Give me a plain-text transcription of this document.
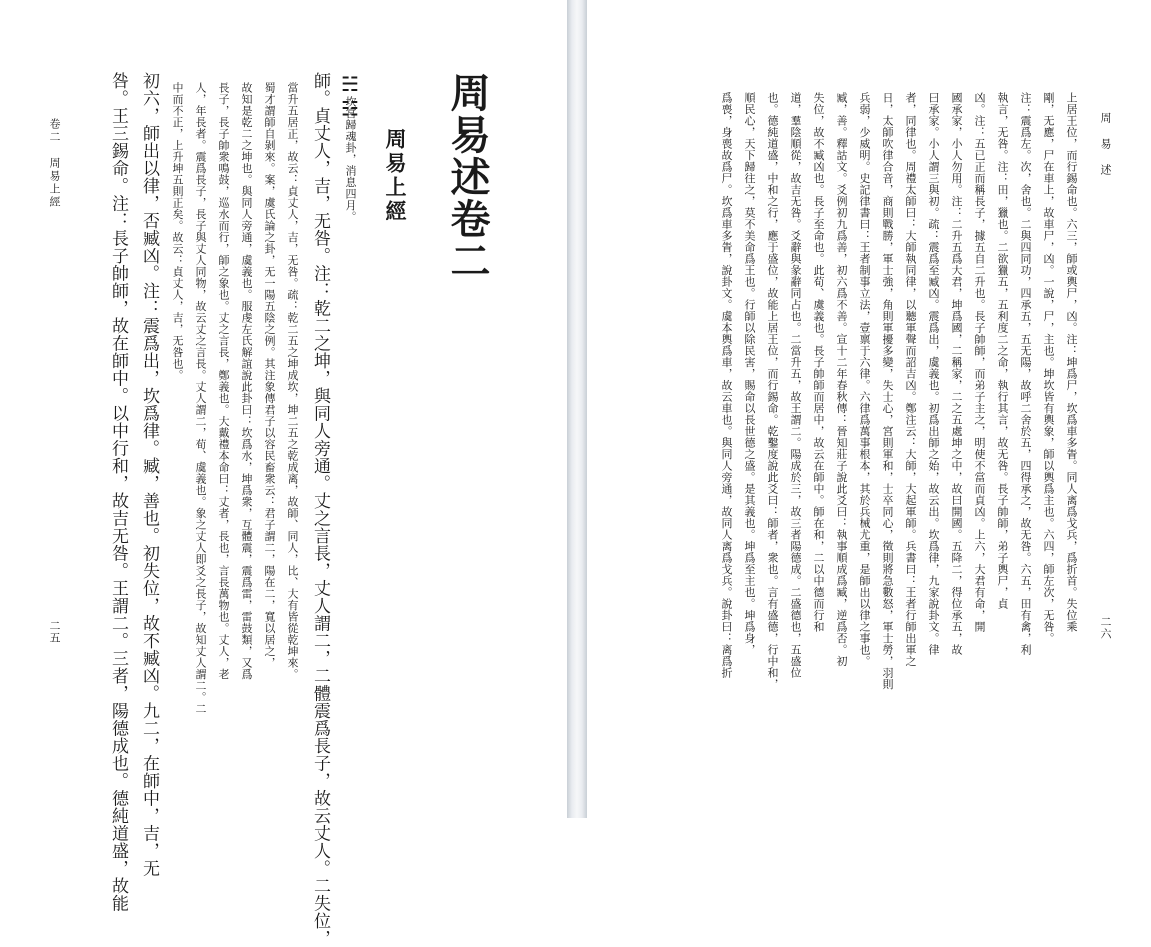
周易述卷二
周易上經
☵☷
坎宮歸魂卦，消息四月。
師。貞丈人，吉，无咎。注：乾二之坤，與同人旁通。丈之言長，丈人謂二，二體震爲長子，故云丈人。二失位，
當升五居正，故云：貞丈人，吉，无咎。疏：乾二五之坤成坎，坤二五之乾成离，故師、同人，比、大有皆從乾坤來。
蜀才謂師自剝來。案，虞氏論之卦，无一陽五陰之例。其注象傳君子以容民畜衆云：君子謂二，陽在二，寬以居之，
故知是乾二之坤也。與同人旁通，虞義也。服虔左氏解誼說此卦曰：坎爲水，坤爲衆，互體震，震爲雷，雷鼓類，又爲
長子，長子帥衆鳴鼓，巡水而行，師之象也。丈之言長，鄭義也。大戴禮本命曰：丈者，長也，言長萬物也。丈人，老
人，年長者。震爲長子，長子與丈人同物，故云丈之言長。丈人謂二，荀、虞義也。象之丈人即爻之長子，故知丈人謂二。二
中而不正，上升坤五則正矣。故云：貞丈人，吉，无咎也。
初六，師出以律，否臧凶。注：震爲出，坎爲律。臧，善也。初失位，故不臧凶。九二，在師中，吉，无
咎。王三錫命。注：長子帥師，故在師中。以中行和，故吉无咎。王謂二。三者，陽德成也。德純道盛，故能
卷二　周易上經
二五
周　易　述
上居王位，而行錫命也。六三，師或輿尸，凶。注：坤爲尸，坎爲車多眚。同人离爲戈兵，爲折首。失位乘
剛，无應，尸在車上，故車尸，凶。一說，尸，主也。坤坎皆有輿象，師以輿爲主也。六四，師左次，无咎。
注：震爲左。次，舍也。二與四同功，四承五，五无陽，故呼二舍於五，四得承之，故无咎。六五，田有禽，利
執言，无咎。注：田，獵也。二欲獵五，五利度二之命，執行其言，故无咎。長子帥師，弟子輿尸，貞
凶。注：五已正而稱長子，據五自二升也。長子帥師，而弟子主之，明使不當而貞凶。上六，大君有命，開
國承家，小人勿用。注：二升五爲大君，坤爲國，二稱家，二之五處坤之中，故曰開國。五降二，得位承五，故
曰承家。小人謂三與初。疏：震爲至臧凶。震爲出，虞義也。初爲出師之始，故云出。坎爲律，九家說卦文。律
者，同律也。周禮太師曰：大師執同律，以聽軍聲而詔吉凶。鄭注云：大師，大起軍師。兵書曰：王者行師出軍之
日，太師吹律合音，商則戰勝，軍士強，角則軍擾多變，失士心，宮則軍和，士卒同心，徵則將急數怒，軍士勞，羽則
兵弱，少威明。史記律書曰：王者制事立法，壹禀于六律。六律爲萬事根本，其於兵械尤重，是師出以律之事也。
臧，善。釋詁文。爻例初九爲善，初六爲不善。宣十二年春秋傳：晉知莊子說此爻曰：執事順成爲臧，逆爲否。初
失位，故不臧凶也。長子至命也。此荀、虞義也。長子帥師而居中，故云在師中。師在和，二以中德而行和
道，羣陰順從，故吉无咎。爻辭與彖辭同占也。二當升五，故王謂二。陽成於三，故三者陽德成。二盛德也，五盛位
也。德純道盛，中和之行，應于盛位，故能上居王位，而行錫命。乾鑿度說此爻曰：師者，衆也。言有盛德，行中和，
順民心，天下歸往之，莫不美命爲王也。行師以除民害，賜命以長世德之盛。是其義也。坤爲至主也。坤爲身，
爲喪，身喪故爲尸。坎爲車多眚，說卦文。虞本輿爲車，故云車也。與同人旁通，故同人离爲戈兵。說卦曰：离爲折	二六
